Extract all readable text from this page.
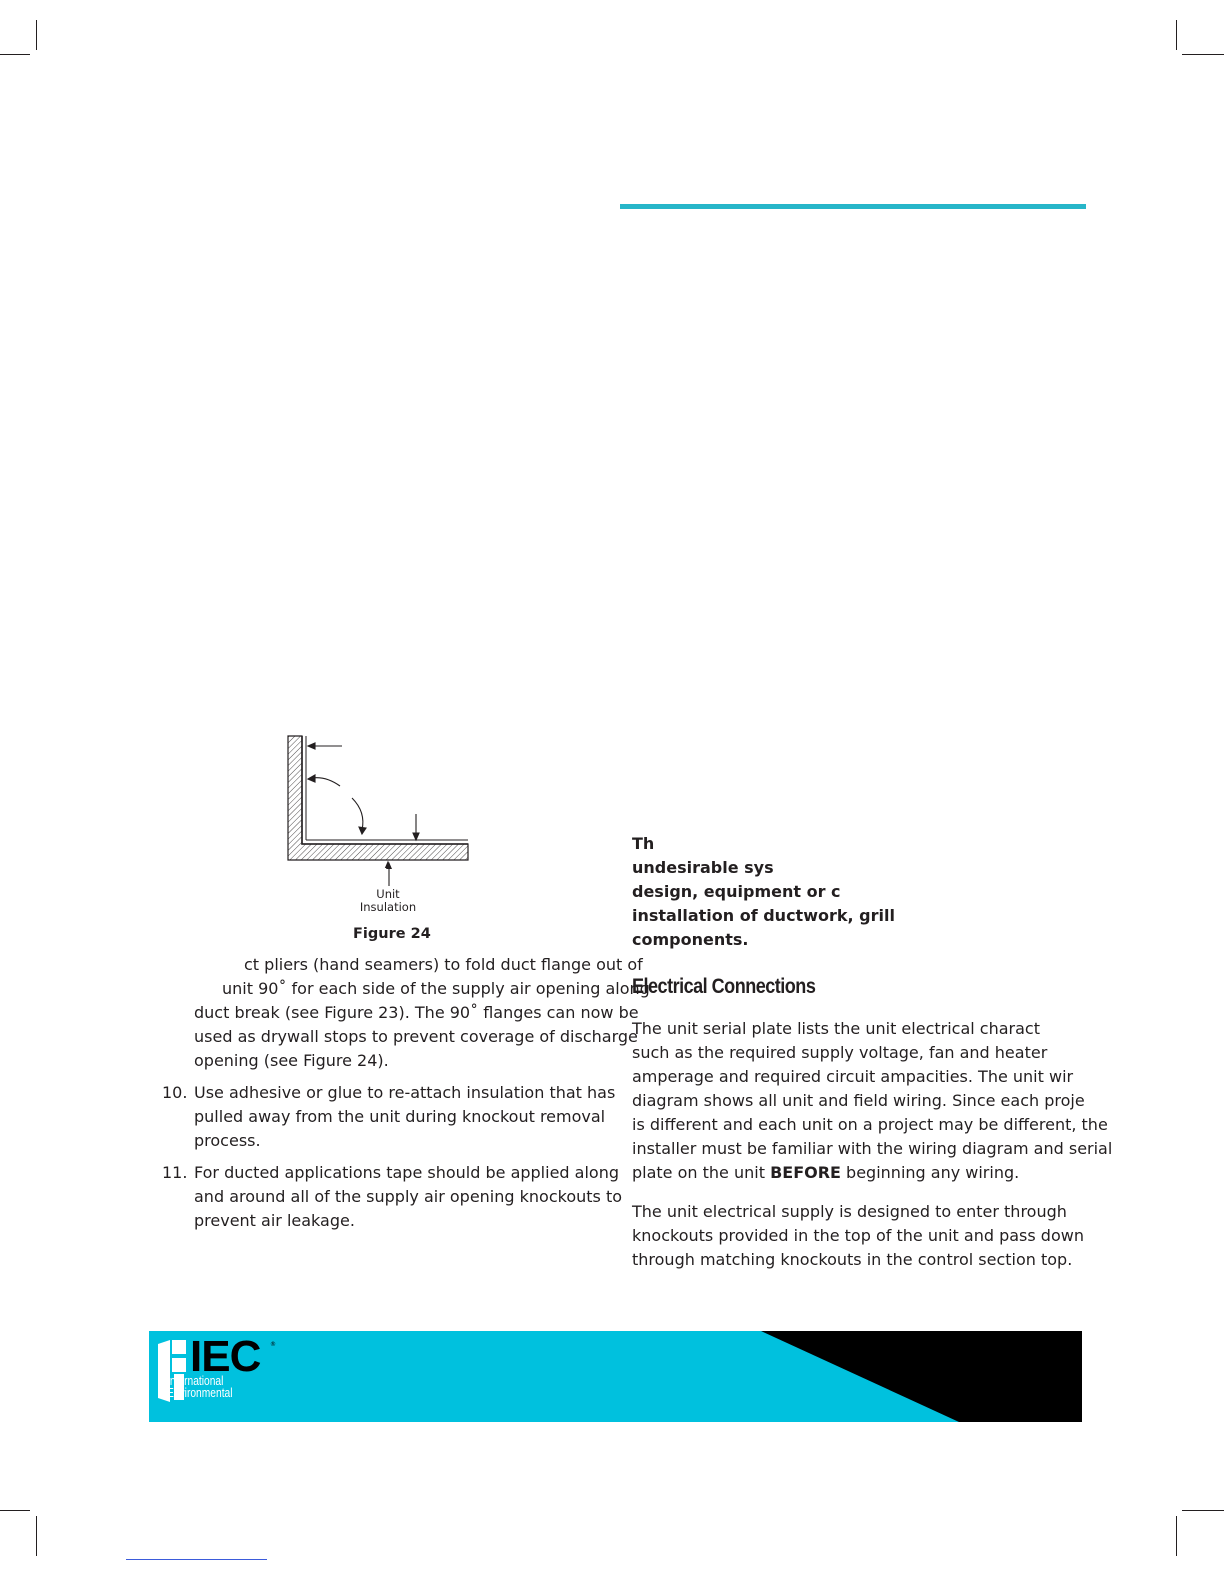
Unit
Insulation
Figure 24
ct pliers (hand seamers) to fold duct flange out of
unit 90˚ for each side of the supply air opening along
duct break (see Figure 23). The 90˚ flanges can now be
used as drywall stops to prevent coverage of discharge
opening (see Figure 24).
10. Use adhesive or glue to re-attach insulation that has
pulled away from the unit during knockout removal
process.
11. For ducted applications tape should be applied along
and around all of the supply air opening knockouts to
prevent air leakage.
Th
undesirable sys
design, equipment or c
installation of ductwork, grill
components.
Electrical Connections
The unit serial plate lists the unit electrical charact
such as the required supply voltage, fan and heater
amperage and required circuit ampacities. The unit wir
diagram shows all unit and field wiring. Since each proje
is different and each unit on a project may be different, the
installer must be familiar with the wiring diagram and serial
plate on the unit BEFORE beginning any wiring.
The unit electrical supply is designed to enter through
knockouts provided in the top of the unit and pass down
through matching knockouts in the control section top.
IEC ®
International
Environmental
